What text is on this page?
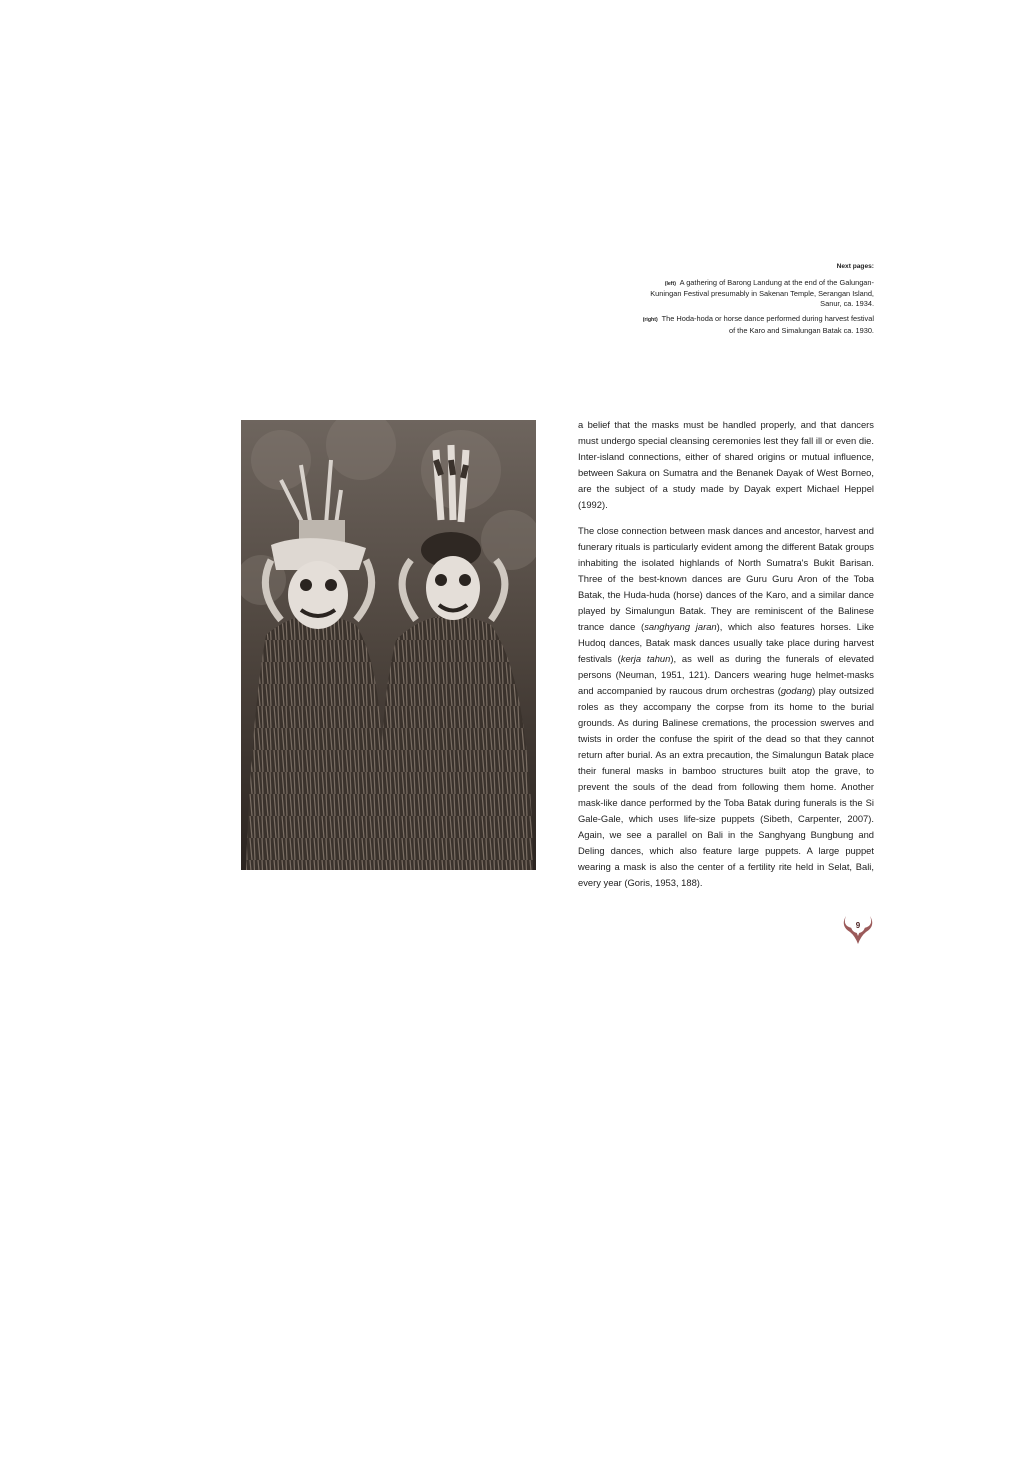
Next pages:
(left) A gathering of Barong Landung at the end of the Galungan-Kuningan Festival presumably in Sakenan Temple, Serangan Island, Sanur, ca. 1934.
(right) The Hoda-hoda or horse dance performed during harvest festival of the Karo and Simalungan Batak ca. 1930.

a belief that the masks must be handled properly, and that dancers must undergo special cleansing ceremonies lest they fall ill or even die. Inter-island connections, either of shared origins or mutual influence, between Sakura on Sumatra and the Benanek Dayak of West Borneo, are the subject of a study made by Dayak expert Michael Heppel (1992).

The close connection between mask dances and ancestor, harvest and funerary rituals is particularly evident among the different Batak groups inhabiting the isolated highlands of North Sumatra's Bukit Barisan. Three of the best-known dances are Guru Guru Aron of the Toba Batak, the Huda-huda (horse) dances of the Karo, and a similar dance played by Simalungun Batak. They are reminiscent of the Balinese trance dance (sanghyang jaran), which also features horses. Like Hudoq dances, Batak mask dances usually take place during harvest festivals (kerja tahun), as well as during the funerals of elevated persons (Neuman, 1951, 121). Dancers wearing huge helmet-masks and accompanied by raucous drum orchestras (godang) play outsized roles as they accompany the corpse from its home to the burial grounds. As during Balinese cremations, the procession swerves and twists in order the confuse the spirit of the dead so that they cannot return after burial. As an extra precaution, the Simalungun Batak place their funeral masks in bamboo structures built atop the grave, to prevent the souls of the dead from following them home. Another mask-like dance performed by the Toba Batak during funerals is the Si Gale-Gale, which uses life-size puppets (Sibeth, Carpenter, 2007). Again, we see a parallel on Bali in the Sanghyang Bungbung and Deling dances, which also feature large puppets. A large puppet wearing a mask is also the center of a fertility rite held in Selat, Bali, every year (Goris, 1953, 188).

9
